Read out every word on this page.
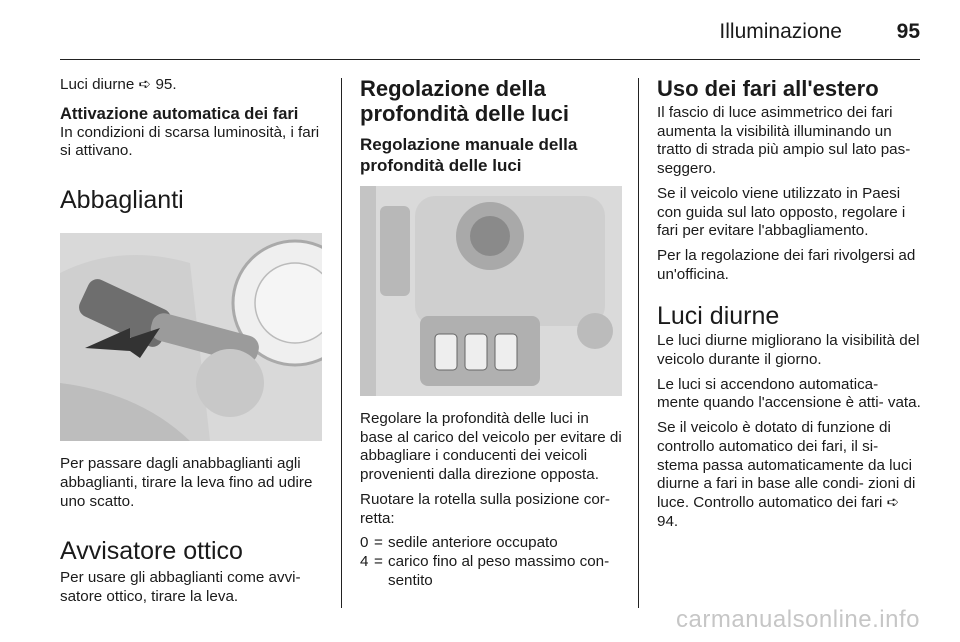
Illuminazione	95

Luci diurne ➪ 95.

Attivazione automatica dei fari

In condizioni di scarsa luminosità, i fari si attivano.

Abbaglianti

Per passare dagli anabbaglianti agli abbaglianti, tirare la leva fino ad udire uno scatto.

Avvisatore ottico

Per usare gli abbaglianti come avvi- satore ottico, tirare la leva.

Regolazione della profondità delle luci
Regolazione manuale della profondità delle luci

Regolare la profondità delle luci in base al carico del veicolo per evitare di abbagliare i conducenti dei veicoli provenienti dalla direzione opposta.

Ruotare la rotella sulla posizione cor- retta:

0 = sedile anteriore occupato
4 = carico fino al peso massimo con- sentito
Uso dei fari all'estero

Il fascio di luce asimmetrico dei fari aumenta la visibilità illuminando un tratto di strada più ampio sul lato pas- seggero.

Se il veicolo viene utilizzato in Paesi con guida sul lato opposto, regolare i fari per evitare l'abbagliamento.

Per la regolazione dei fari rivolgersi ad un'officina.

Luci diurne

Le luci diurne migliorano la visibilità del veicolo durante il giorno.

Le luci si accendono automatica- mente quando l'accensione è atti- vata.

Se il veicolo è dotato di funzione di controllo automatico dei fari, il si- stema passa automaticamente da luci diurne a fari in base alle condi- zioni di luce. Controllo automatico dei fari ➪ 94.

carmanualsonline.info
